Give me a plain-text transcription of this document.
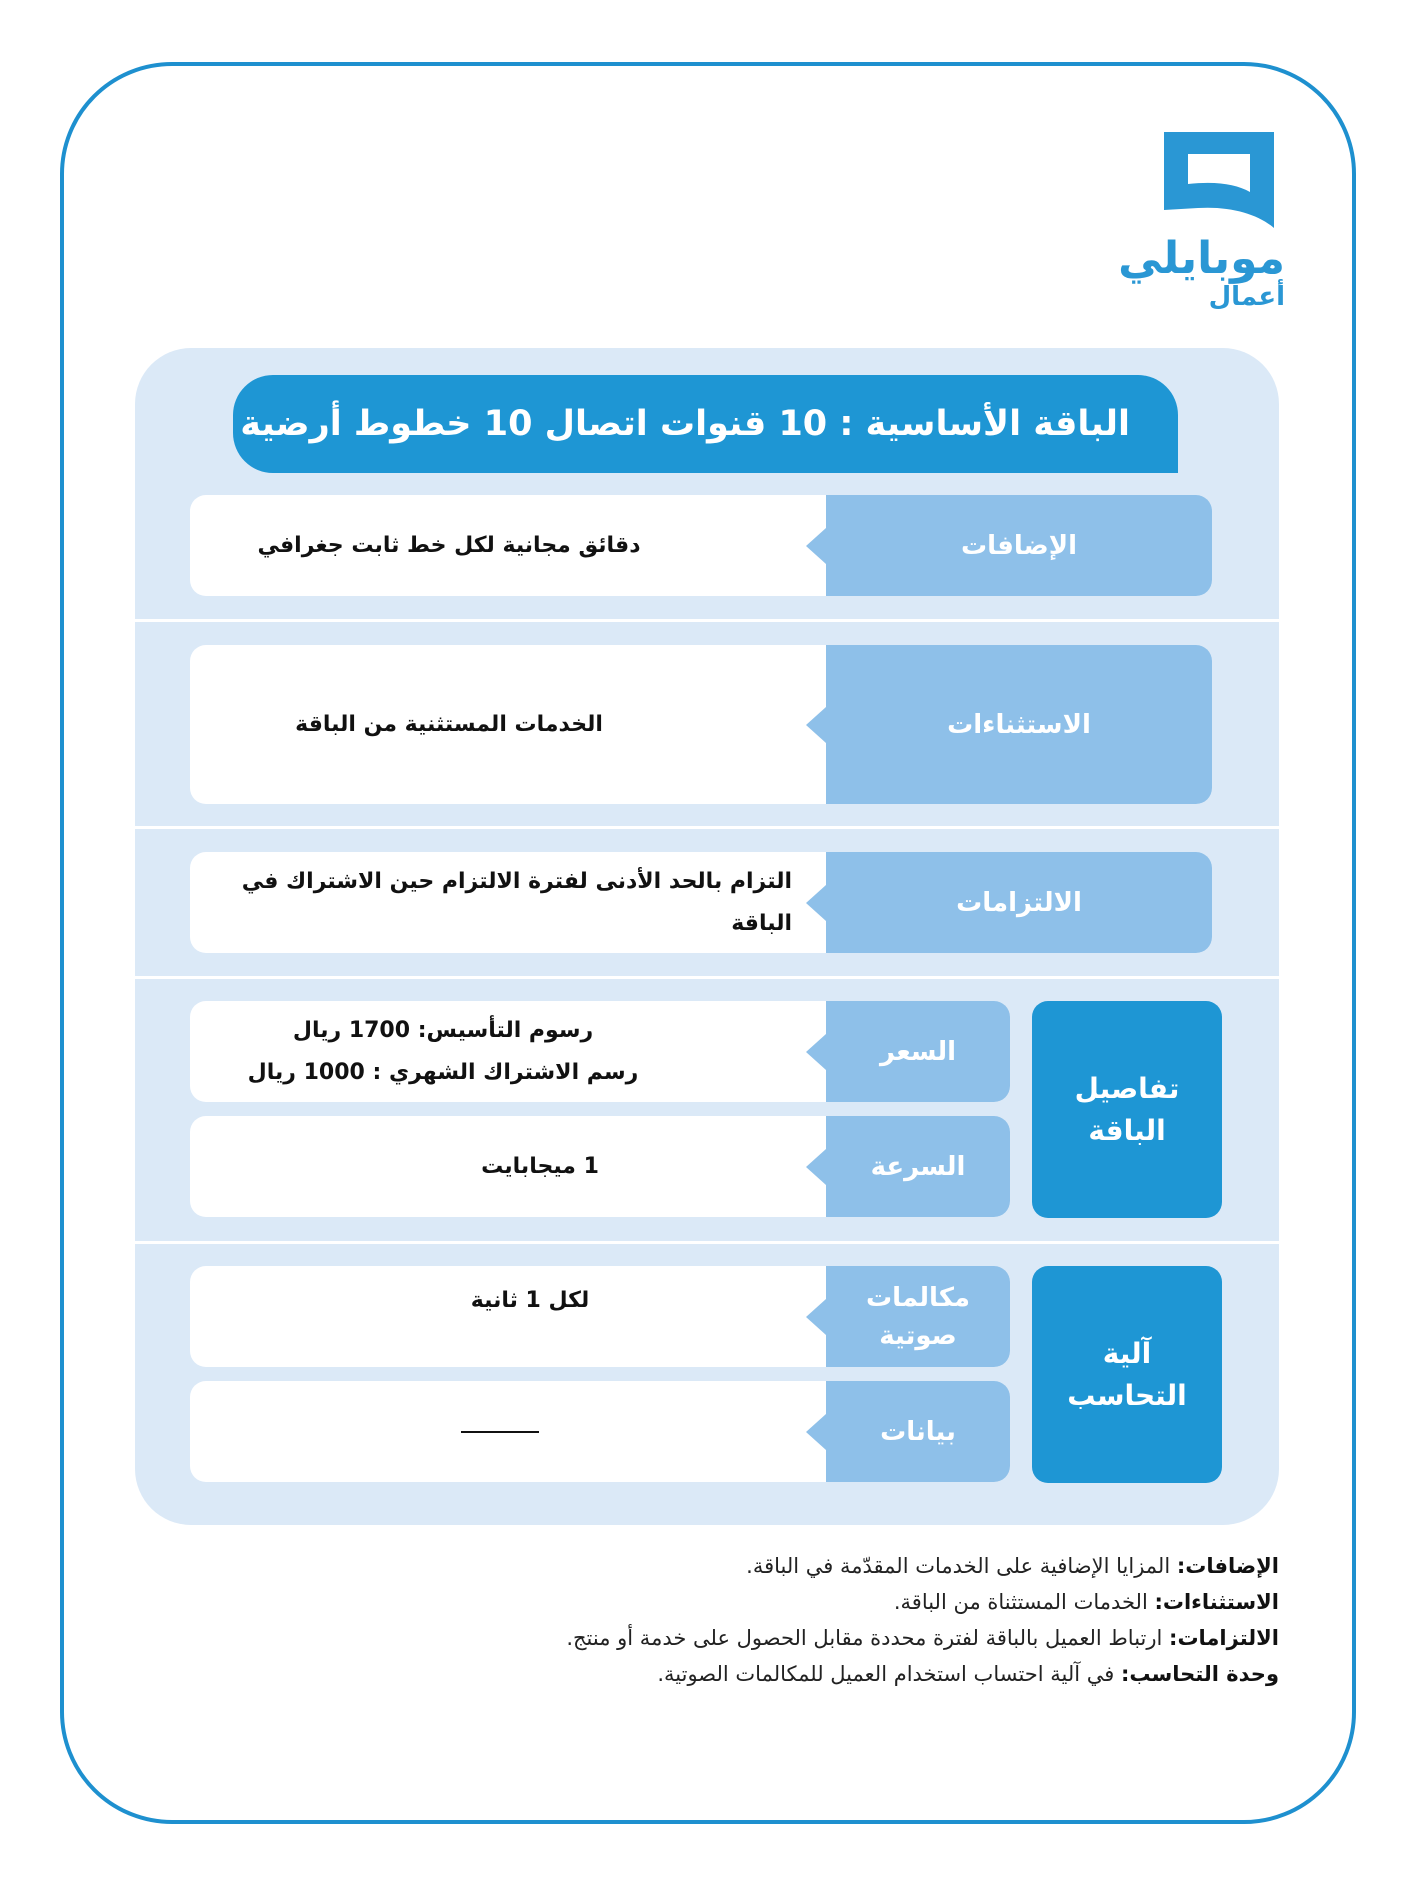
موبايلي
أعمال
الباقة الأساسية : 10 قنوات اتصال 10 خطوط أرضية
الإضافات
دقائق مجانية لكل خط ثابت جغرافي
الاستثناءات
الخدمات المستثنية من الباقة
الالتزامات
التزام بالحد الأدنى لفترة الالتزام حين الاشتراك في الباقة
تفاصيل
الباقة
السعر
رسوم التأسيس: 1700 ريال
رسم الاشتراك الشهري : 1000 ريال
السرعة
1 ميجابايت
آلية
التحاسب
مكالمات
صوتية
لكل 1 ثانية
بيانات
الإضافات: المزايا الإضافية على الخدمات المقدّمة في الباقة.
الاستثناءات: الخدمات المستثناة من الباقة.
الالتزامات: ارتباط العميل بالباقة لفترة محددة مقابل الحصول على خدمة أو منتج.
وحدة التحاسب: في آلية احتساب استخدام العميل للمكالمات الصوتية.
